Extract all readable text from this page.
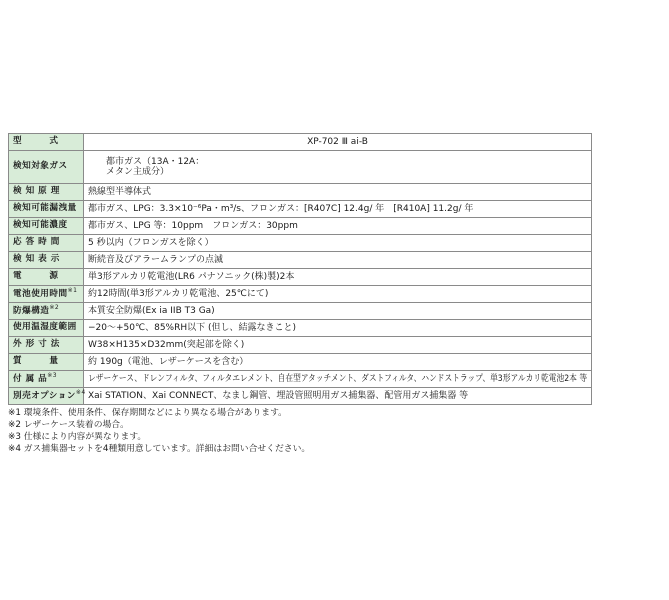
型　　　式	XP-702 Ⅲ ai-B
検知対象ガス	都市ガス（13A・12A：
メタン主成分）
検 知 原 理	熱線型半導体式
検知可能漏洩量	都市ガス、LPG：3.3×10⁻⁶Pa・m³/s、フロンガス：[R407C] 12.4g/ 年　[R410A] 11.2g/ 年
検知可能濃度	都市ガス、LPG 等：10ppm　フロンガス：30ppm
応 答 時 間	5 秒以内（フロンガスを除く）
検 知 表 示	断続音及びアラームランプの点滅
電　　　源	単3形アルカリ乾電池(LR6 パナソニック(株)製)2本
電池使用時間$^{※1}$	約12時間(単3形アルカリ乾電池、25℃にて)
防爆構造$^{※2}$	本質安全防爆(Ex ia IIB T3 Ga)
使用温湿度範囲	−20〜+50℃、85%RH以下 (但し、結露なきこと)
外 形 寸 法	W38×H135×D32mm(突起部を除く)
質　　　量	約 190g（電池、レザーケースを含む）
付 属 品$^{※3}$	レザーケース、ドレンフィルタ、フィルタエレメント、自在型アタッチメント、ダストフィルタ、ハンドストラップ、単3形アルカリ乾電池2本 等
別売オプション$^{※4}$	Xai STATION、Xai CONNECT、なまし鋼管、埋設管照明用ガス捕集器、配管用ガス捕集器 等
※1 環境条件、使用条件、保存期間などにより異なる場合があります。
※2 レザーケース装着の場合。
※3 仕様により内容が異なります。
※4 ガス捕集器セットを4種類用意しています。詳細はお問い合せください。
